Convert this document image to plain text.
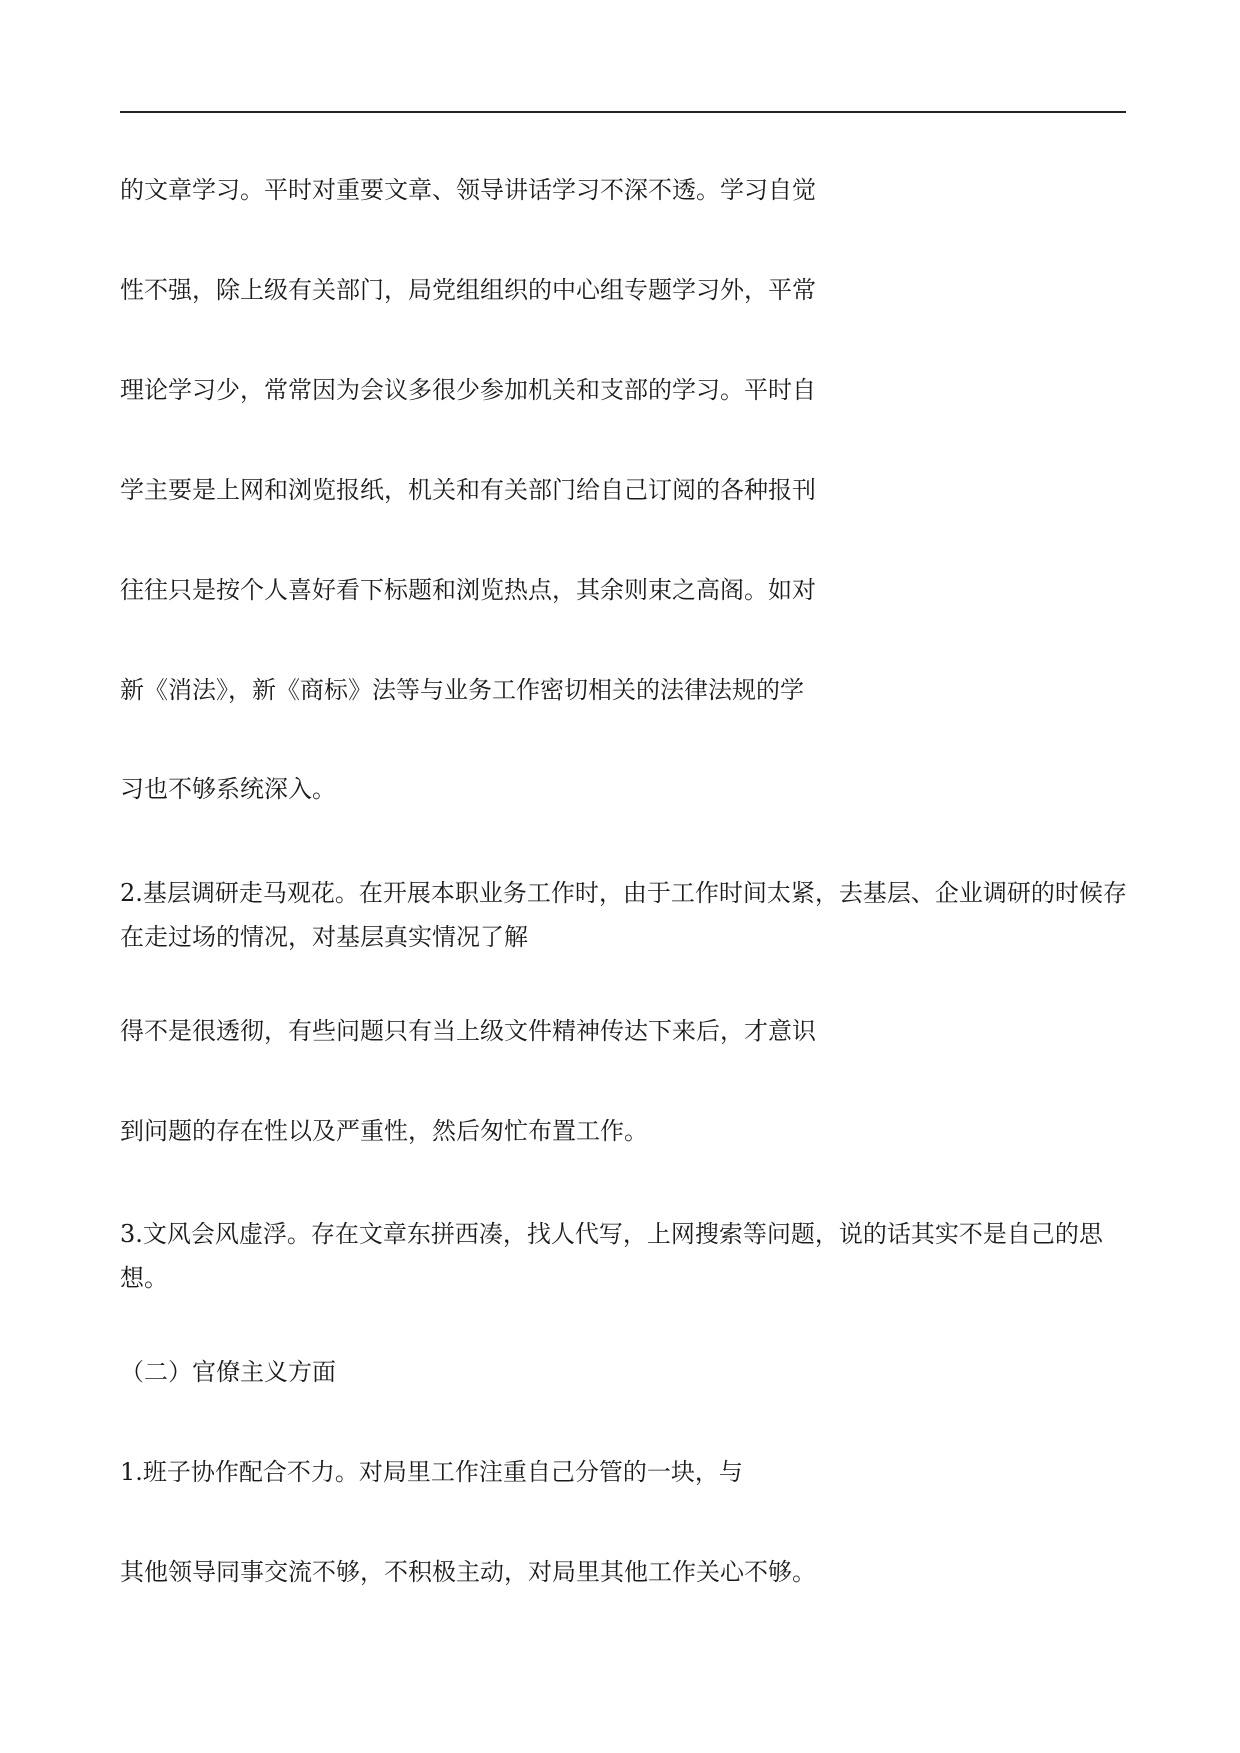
的文章学习。平时对重要文章、领导讲话学习不深不透。学习自觉

性不强，除上级有关部门，局党组组织的中心组专题学习外，平常

理论学习少，常常因为会议多很少参加机关和支部的学习。平时自

学主要是上网和浏览报纸，机关和有关部门给自己订阅的各种报刊

往往只是按个人喜好看下标题和浏览热点，其余则束之高阁。如对

新《消法》，新《商标》法等与业务工作密切相关的法律法规的学

习也不够系统深入。

2.基层调研走马观花。在开展本职业务工作时，由于工作时间太紧，去基层、企业调研的时候存在走过场的情况，对基层真实情况了解

得不是很透彻，有些问题只有当上级文件精神传达下来后，才意识

到问题的存在性以及严重性，然后匆忙布置工作。

3.文风会风虚浮。存在文章东拼西凑，找人代写，上网搜索等问题，说的话其实不是自己的思想。

（二）官僚主义方面

1.班子协作配合不力。对局里工作注重自己分管的一块，与

其他领导同事交流不够，不积极主动，对局里其他工作关心不够。
